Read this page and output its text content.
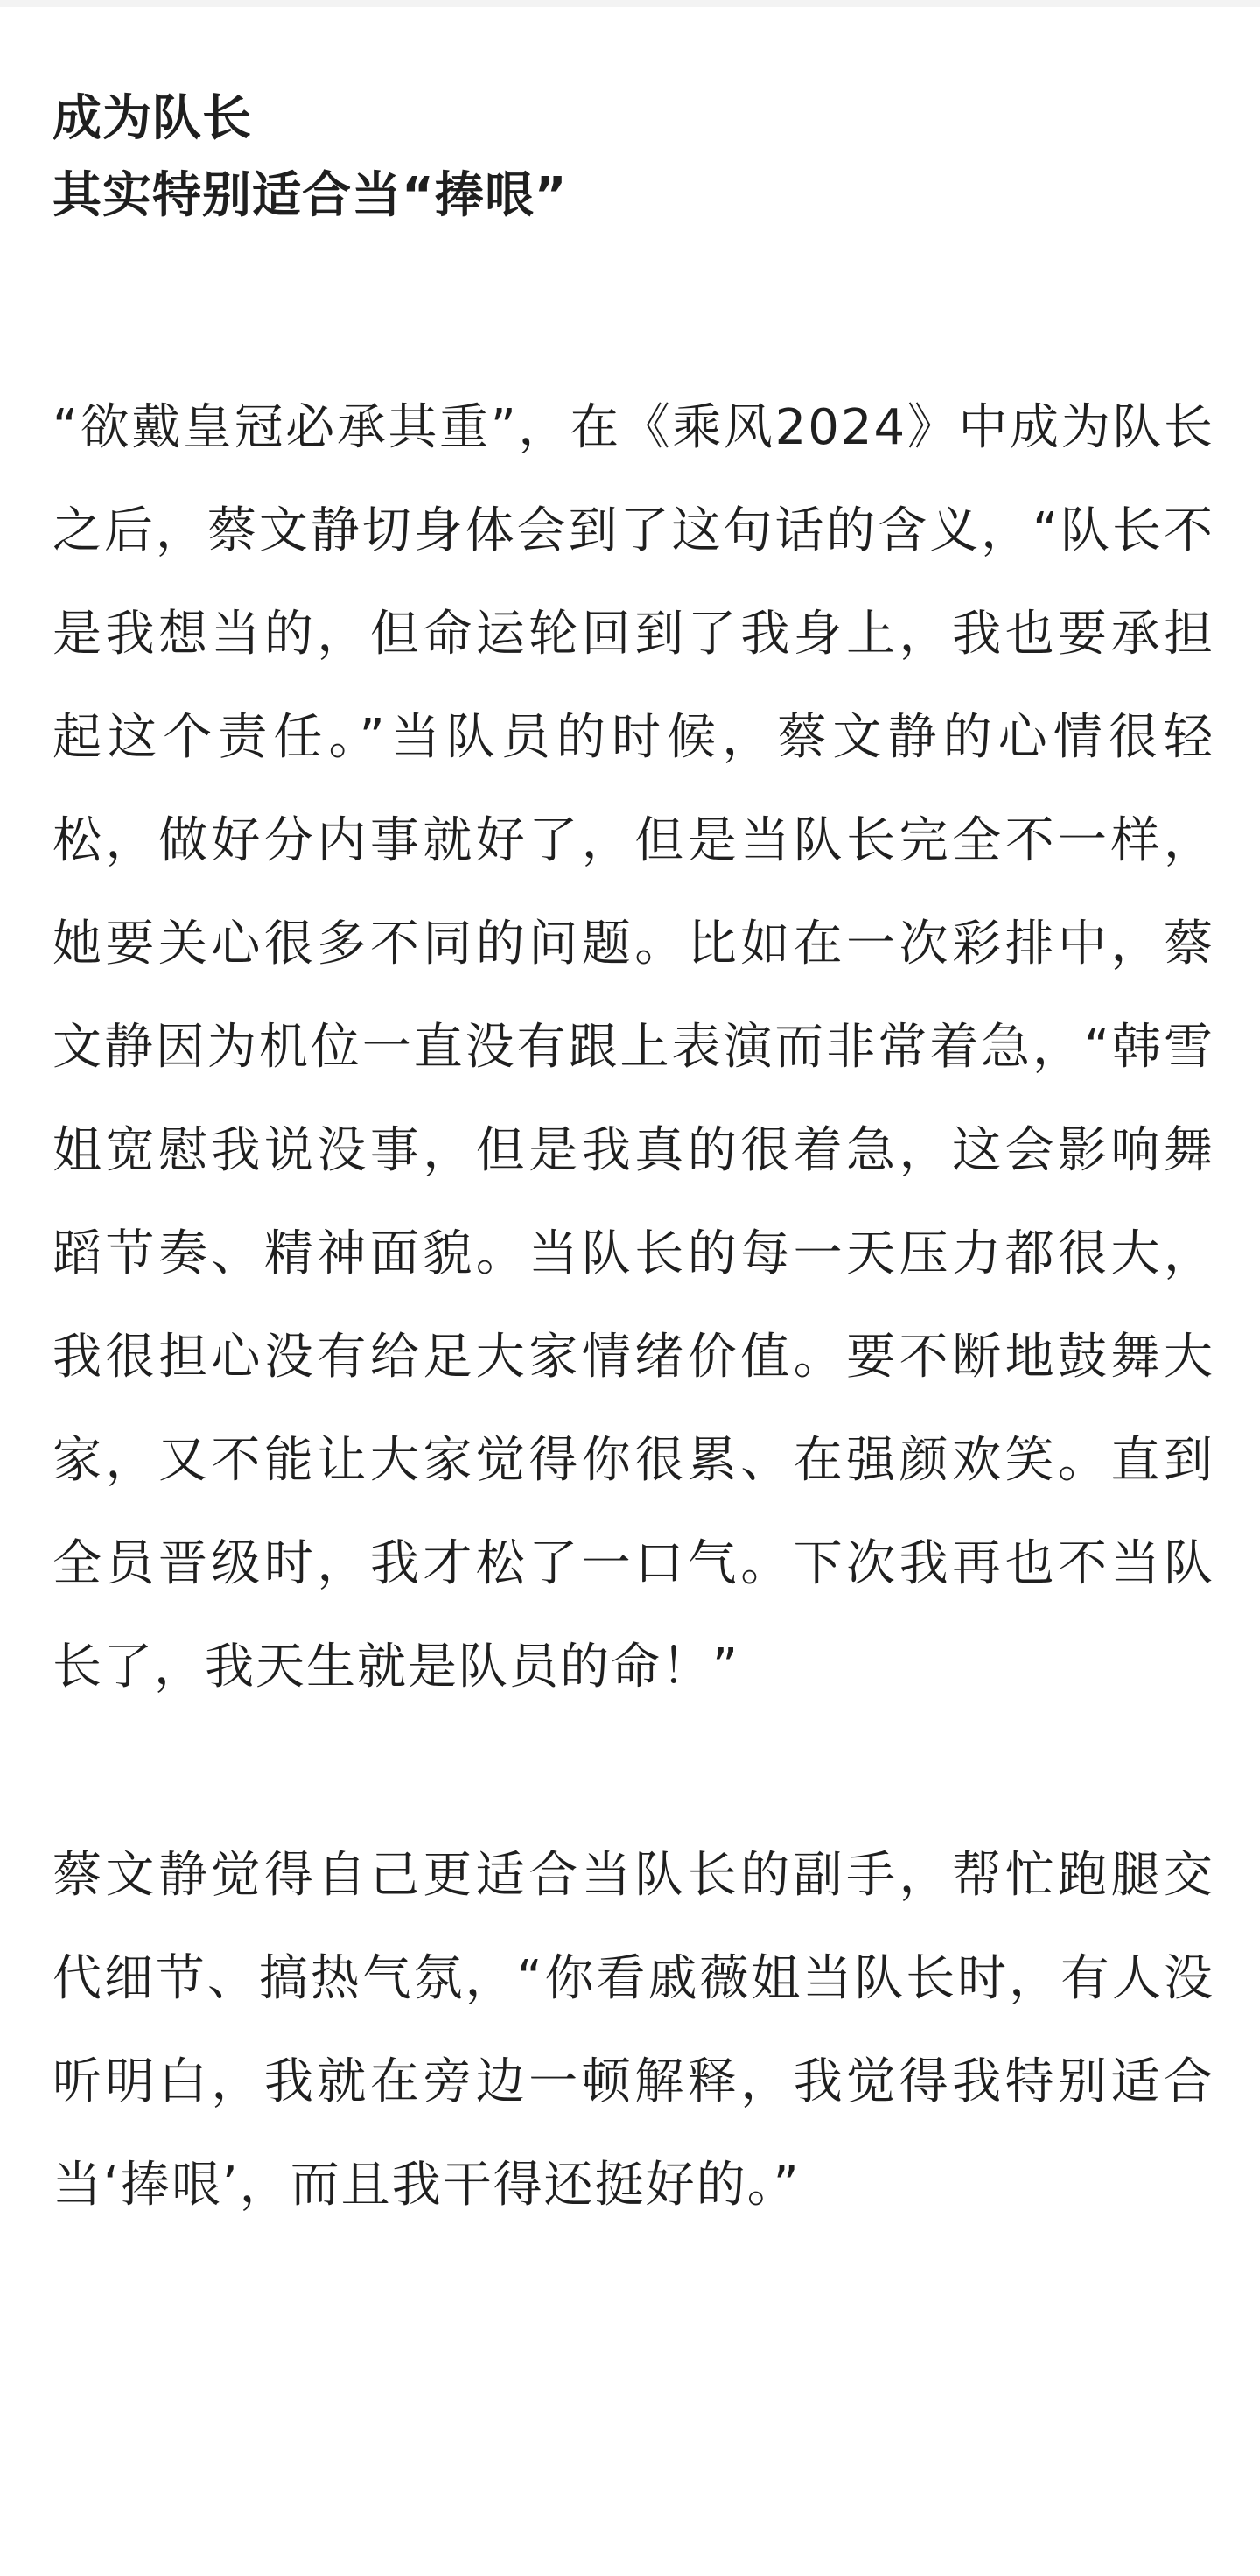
成为队长
其实特别适合当“捧哏”

“欲戴皇冠必承其重”，在《乘风2024》中成为队长之后，蔡文静切身体会到了这句话的含义，“队长不是我想当的，但命运轮回到了我身上，我也要承担起这个责任。”当队员的时候，蔡文静的心情很轻松，做好分内事就好了，但是当队长完全不一样，她要关心很多不同的问题。比如在一次彩排中，蔡文静因为机位一直没有跟上表演而非常着急，“韩雪姐宽慰我说没事，但是我真的很着急，这会影响舞蹈节奏、精神面貌。当队长的每一天压力都很大，我很担心没有给足大家情绪价值。要不断地鼓舞大家，又不能让大家觉得你很累、在强颜欢笑。直到全员晋级时，我才松了一口气。下次我再也不当队长了，我天生就是队员的命！”

蔡文静觉得自己更适合当队长的副手，帮忙跑腿交代细节、搞热气氛，“你看戚薇姐当队长时，有人没听明白，我就在旁边一顿解释，我觉得我特别适合当‘捧哏’，而且我干得还挺好的。”
